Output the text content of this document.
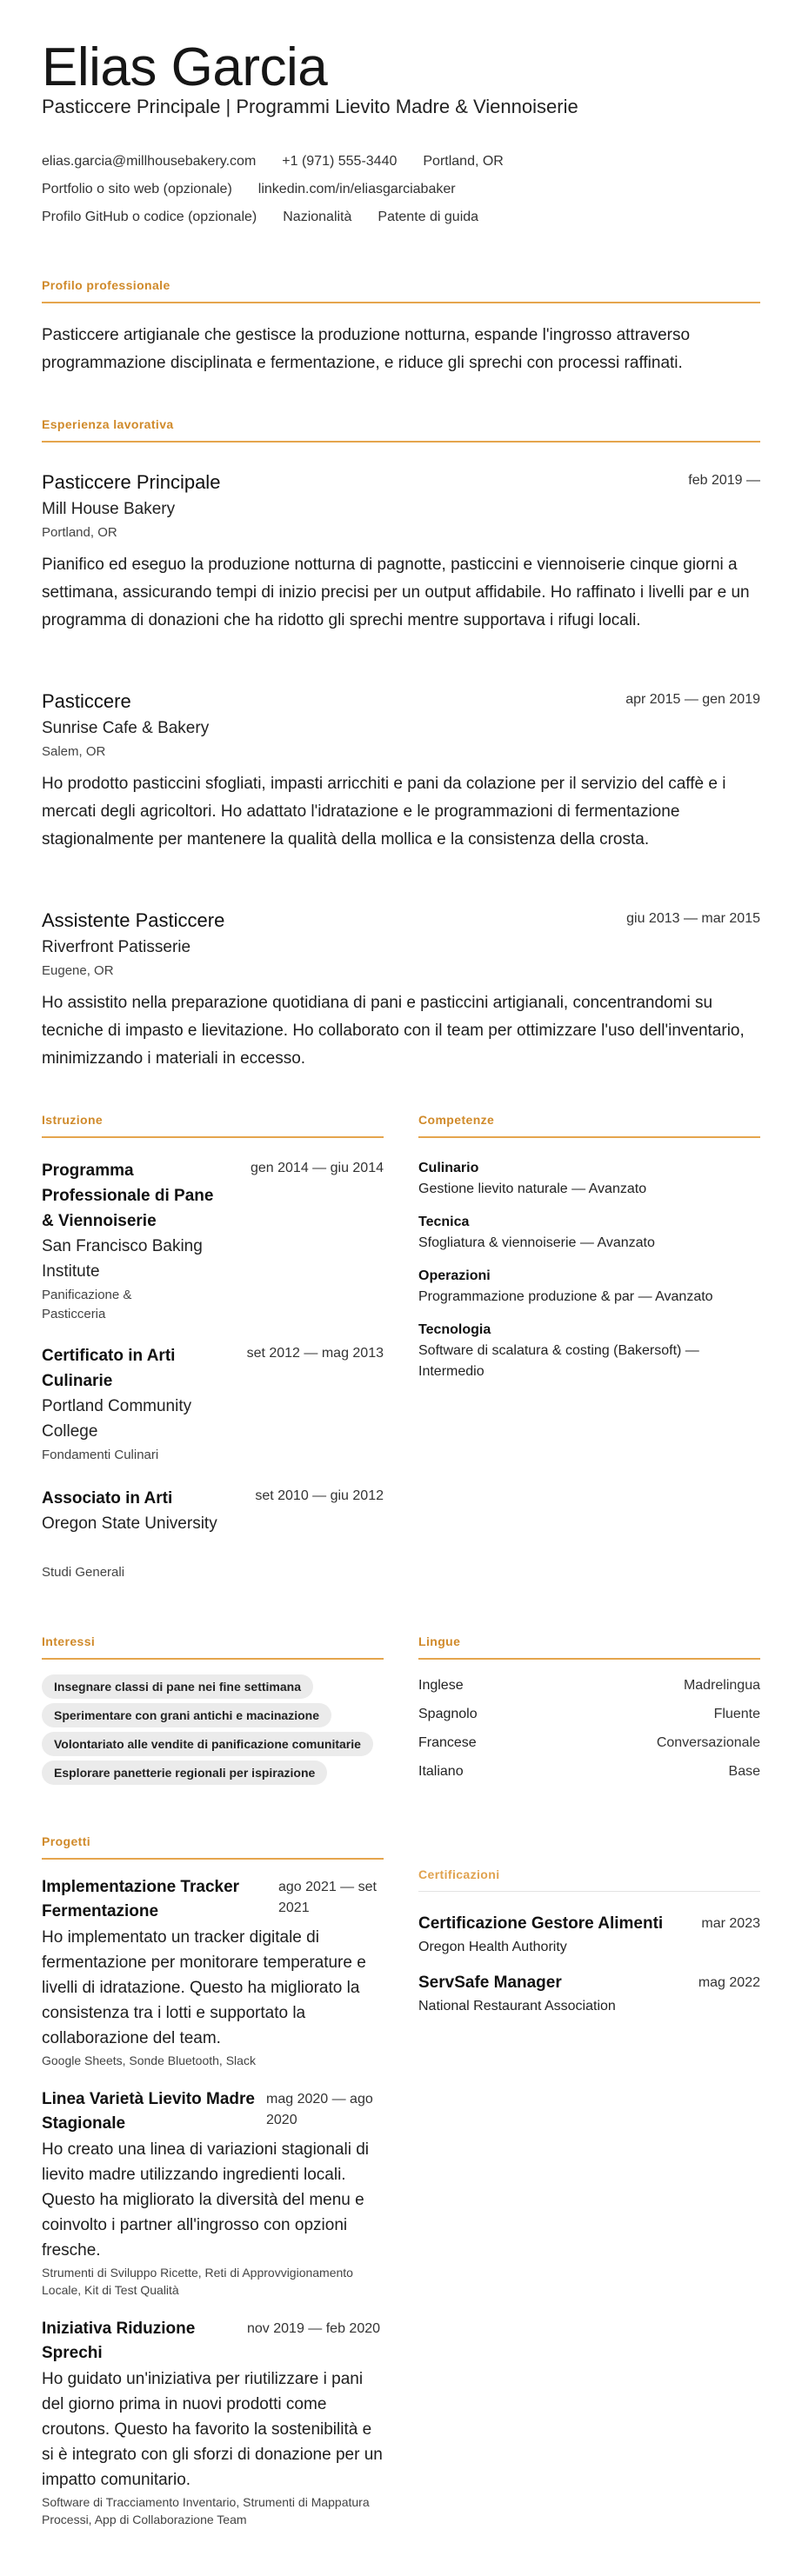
Elias Garcia
Pasticcere Principale | Programmi Lievito Madre & Viennoiserie
elias.garcia@millhousebakery.com +1 (971) 555-3440 Portland, OR
Portfolio o sito web (opzionale) linkedin.com/in/eliasgarciabaker
Profilo GitHub o codice (opzionale) Nazionalità Patente di guida
Profilo professionale
Pasticcere artigianale che gestisce la produzione notturna, espande l'ingrosso attraverso programmazione disciplinata e fermentazione, e riduce gli sprechi con processi raffinati.
Esperienza lavorativa
Pasticcere Principale	feb 2019 —
Mill House Bakery
Portland, OR
Pianifico ed eseguo la produzione notturna di pagnotte, pasticcini e viennoiserie cinque giorni a settimana, assicurando tempi di inizio precisi per un output affidabile. Ho raffinato i livelli par e un programma di donazioni che ha ridotto gli sprechi mentre supportava i rifugi locali.
Pasticcere	apr 2015 — gen 2019
Sunrise Cafe & Bakery
Salem, OR
Ho prodotto pasticcini sfogliati, impasti arricchiti e pani da colazione per il servizio del caffè e i mercati degli agricoltori. Ho adattato l'idratazione e le programmazioni di fermentazione stagionalmente per mantenere la qualità della mollica e la consistenza della crosta.
Assistente Pasticcere	giu 2013 — mar 2015
Riverfront Patisserie
Eugene, OR
Ho assistito nella preparazione quotidiana di pani e pasticcini artigianali, concentrandomi su tecniche di impasto e lievitazione. Ho collaborato con il team per ottimizzare l'uso dell'inventario, minimizzando i materiali in eccesso.
Istruzione
Programma Professionale di Pane & Viennoiserie
gen 2014 — giu 2014
San Francisco Baking Institute
Panificazione & Pasticceria
Certificato in Arti Culinarie
set 2012 — mag 2013
Portland Community College
Fondamenti Culinari
Associato in Arti	set 2010 — giu 2012
Oregon State University
Studi Generali
Competenze
Culinario
Gestione lievito naturale — Avanzato
Tecnica
Sfogliatura & viennoiserie — Avanzato
Operazioni
Programmazione produzione & par — Avanzato
Tecnologia
Software di scalatura & costing (Bakersoft) — Intermedio
Interessi
Insegnare classi di pane nei fine settimana
Sperimentare con grani antichi e macinazione
Volontariato alle vendite di panificazione comunitarie
Esplorare panetterie regionali per ispirazione
Lingue
Inglese	Madrelingua
Spagnolo	Fluente
Francese	Conversazionale
Italiano	Base
Progetti
Implementazione Tracker Fermentazione
ago 2021 — set 2021
Ho implementato un tracker digitale di fermentazione per monitorare temperature e livelli di idratazione. Questo ha migliorato la consistenza tra i lotti e supportato la collaborazione del team.
Google Sheets, Sonde Bluetooth, Slack
Linea Varietà Lievito Madre Stagionale
mag 2020 — ago 2020
Ho creato una linea di variazioni stagionali di lievito madre utilizzando ingredienti locali. Questo ha migliorato la diversità del menu e coinvolto i partner all'ingrosso con opzioni fresche.
Strumenti di Sviluppo Ricette, Reti di Approvvigionamento Locale, Kit di Test Qualità
Iniziativa Riduzione Sprechi
nov 2019 — feb 2020
Ho guidato un'iniziativa per riutilizzare i pani del giorno prima in nuovi prodotti come croutons. Questo ha favorito la sostenibilità e si è integrato con gli sforzi di donazione per un impatto comunitario.
Software di Tracciamento Inventario, Strumenti di Mappatura Processi, App di Collaborazione Team
Certificazioni
Certificazione Gestore Alimenti	mar 2023
Oregon Health Authority
ServSafe Manager	mag 2022
National Restaurant Association
